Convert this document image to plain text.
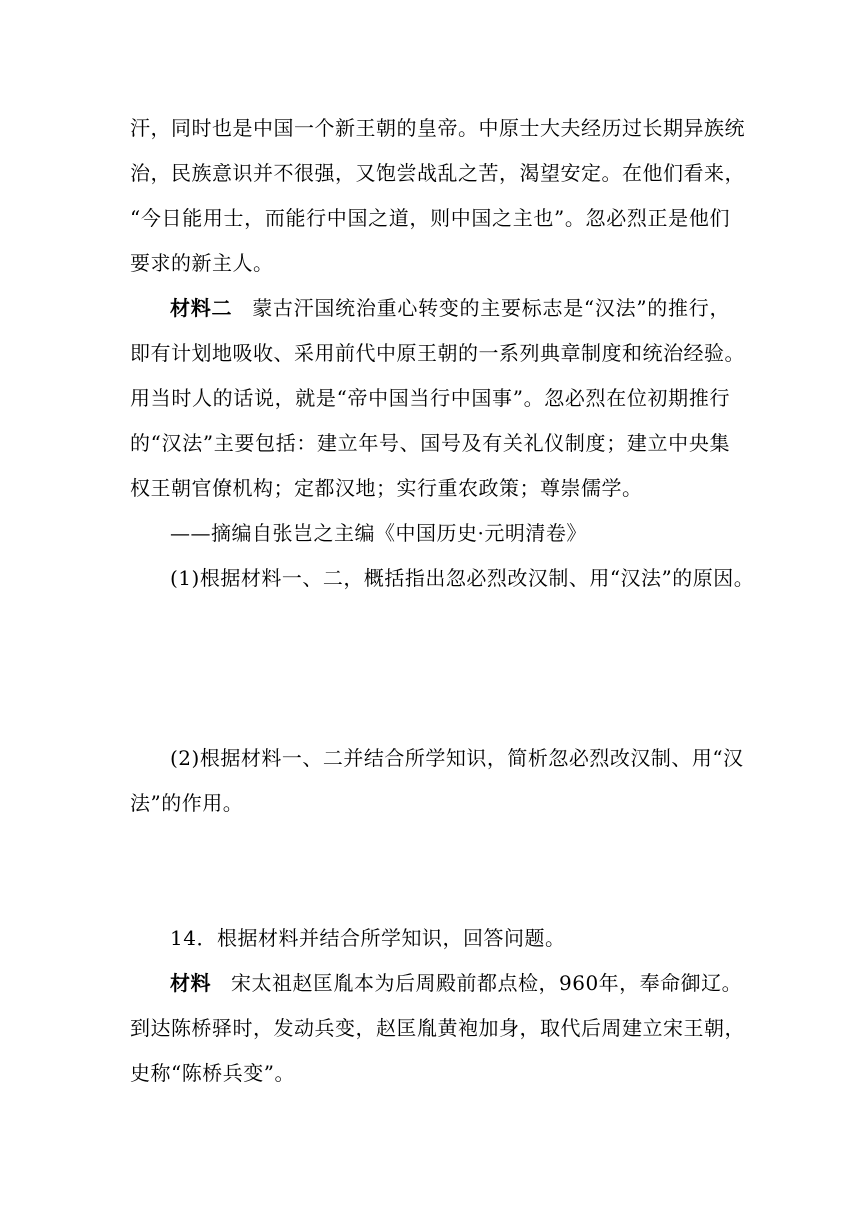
汗，同时也是中国一个新王朝的皇帝。中原士大夫经历过长期异族统
治，民族意识并不很强，又饱尝战乱之苦，渴望安定。在他们看来，
“今日能用士，而能行中国之道，则中国之主也”。忽必烈正是他们
要求的新主人。
材料二 蒙古汗国统治重心转变的主要标志是“汉法”的推行，
即有计划地吸收、采用前代中原王朝的一系列典章制度和统治经验。
用当时人的话说，就是“帝中国当行中国事”。忽必烈在位初期推行
的“汉法”主要包括：建立年号、国号及有关礼仪制度；建立中央集
权王朝官僚机构；定都汉地；实行重农政策；尊崇儒学。
——摘编自张岂之主编《中国历史·元明清卷》
(1)根据材料一、二，概括指出忽必烈改汉制、用“汉法”的原因。
(2)根据材料一、二并结合所学知识，简析忽必烈改汉制、用“汉
法”的作用。
14．根据材料并结合所学知识，回答问题。
材料 宋太祖赵匡胤本为后周殿前都点检，960年，奉命御辽。
到达陈桥驿时，发动兵变，赵匡胤黄袍加身，取代后周建立宋王朝，
史称“陈桥兵变”。
